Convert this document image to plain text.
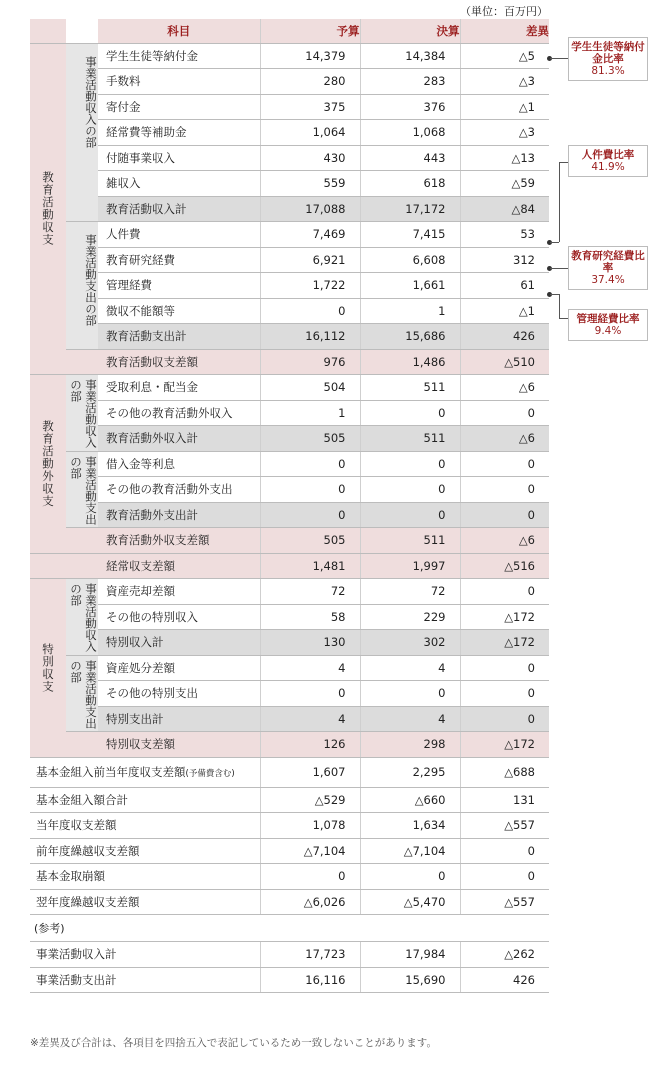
（単位：百万円）
		科目	予算	決算	差異
教育活動収支	事業活動収入の部	学生生徒等納付金	14,379	14,384	△5
		手数料	280	283	△3
		寄付金	375	376	△1
		経常費等補助金	1,064	1,068	△3
		付随事業収入	430	443	△13
		雑収入	559	618	△59
		教育活動収入計	17,088	17,172	△84
	事業活動支出の部	人件費	7,469	7,415	53
		教育研究経費	6,921	6,608	312
		管理経費	1,722	1,661	61
		徴収不能額等	0	1	△1
		教育活動支出計	16,112	15,686	426
		教育活動収支差額	976	1,486	△510
教育活動外収支	事業活動収入の部	受取利息・配当金	504	511	△6
		その他の教育活動外収入	1	0	0
		教育活動外収入計	505	511	△6
	事業活動支出の部	借入金等利息	0	0	0
		その他の教育活動外支出	0	0	0
		教育活動外支出計	0	0	0
		教育活動外収支差額	505	511	△6
		経常収支差額	1,481	1,997	△516
特別収支	事業活動収入の部	資産売却差額	72	72	0
		その他の特別収入	58	229	△172
		特別収入計	130	302	△172
	事業活動支出の部	資産処分差額	4	4	0
		その他の特別支出	0	0	0
		特別支出計	4	4	0
		特別収支差額	126	298	△172
基本金組入前当年度収支差額(予備費含む)			1,607	2,295	△688
基本金組入額合計			△529	△660	131
当年度収支差額			1,078	1,634	△557
前年度繰越収支差額			△7,104	△7,104	0
基本金取崩額			0	0	0
翌年度繰越収支差額			△6,026	△5,470	△557
(参考)					
事業活動収入計			17,723	17,984	△262
事業活動支出計			16,116	15,690	426
学生生徒等納付金比率
81.3%
人件費比率
41.9%
教育研究経費比率
37.4%
管理経費比率
9.4%
※差異及び合計は、各項目を四捨五入で表記しているため一致しないことがあります。
